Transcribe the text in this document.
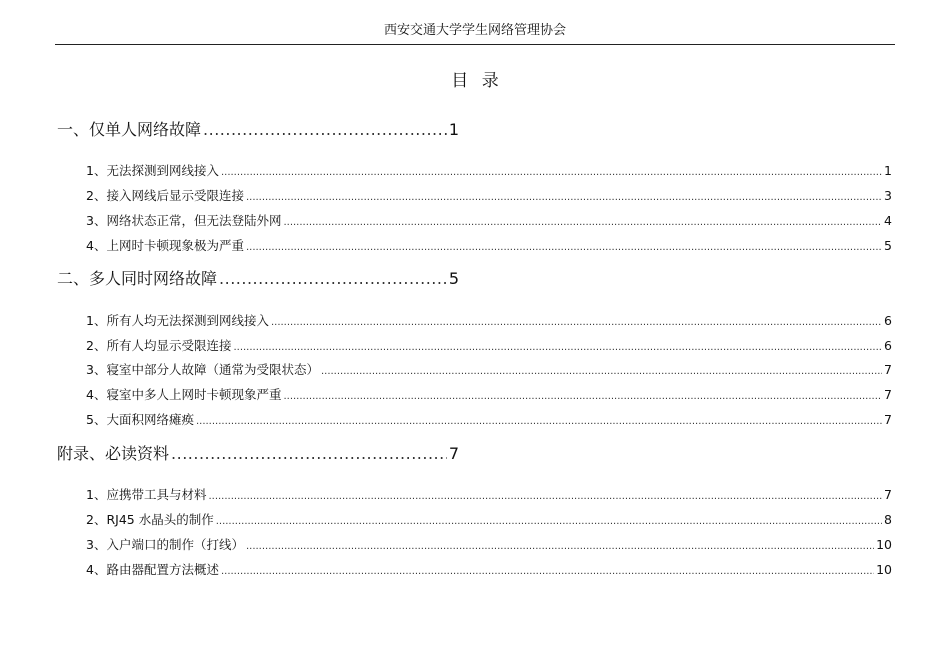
西安交通大学学生网络管理协会
目录
一、仅单人网络故障 .....	1
1、无法探测到网线接入 .....	1
2、接入网线后显示受限连接 .....	3
3、网络状态正常，但无法登陆外网 .....	4
4、上网时卡顿现象极为严重 .....	5
二、多人同时网络故障 .....	5
1、所有人均无法探测到网线接入 .....	6
2、所有人均显示受限连接 .....	6
3、寝室中部分人故障（通常为受限状态） .....	7
4、寝室中多人上网时卡顿现象严重 .....	7
5、大面积网络瘫痪 .....	7
附录、必读资料 .....	7
1、应携带工具与材料 .....	7
2、RJ45 水晶头的制作 .....	8
3、入户端口的制作（打线） .....	10
4、路由器配置方法概述 .....	10
